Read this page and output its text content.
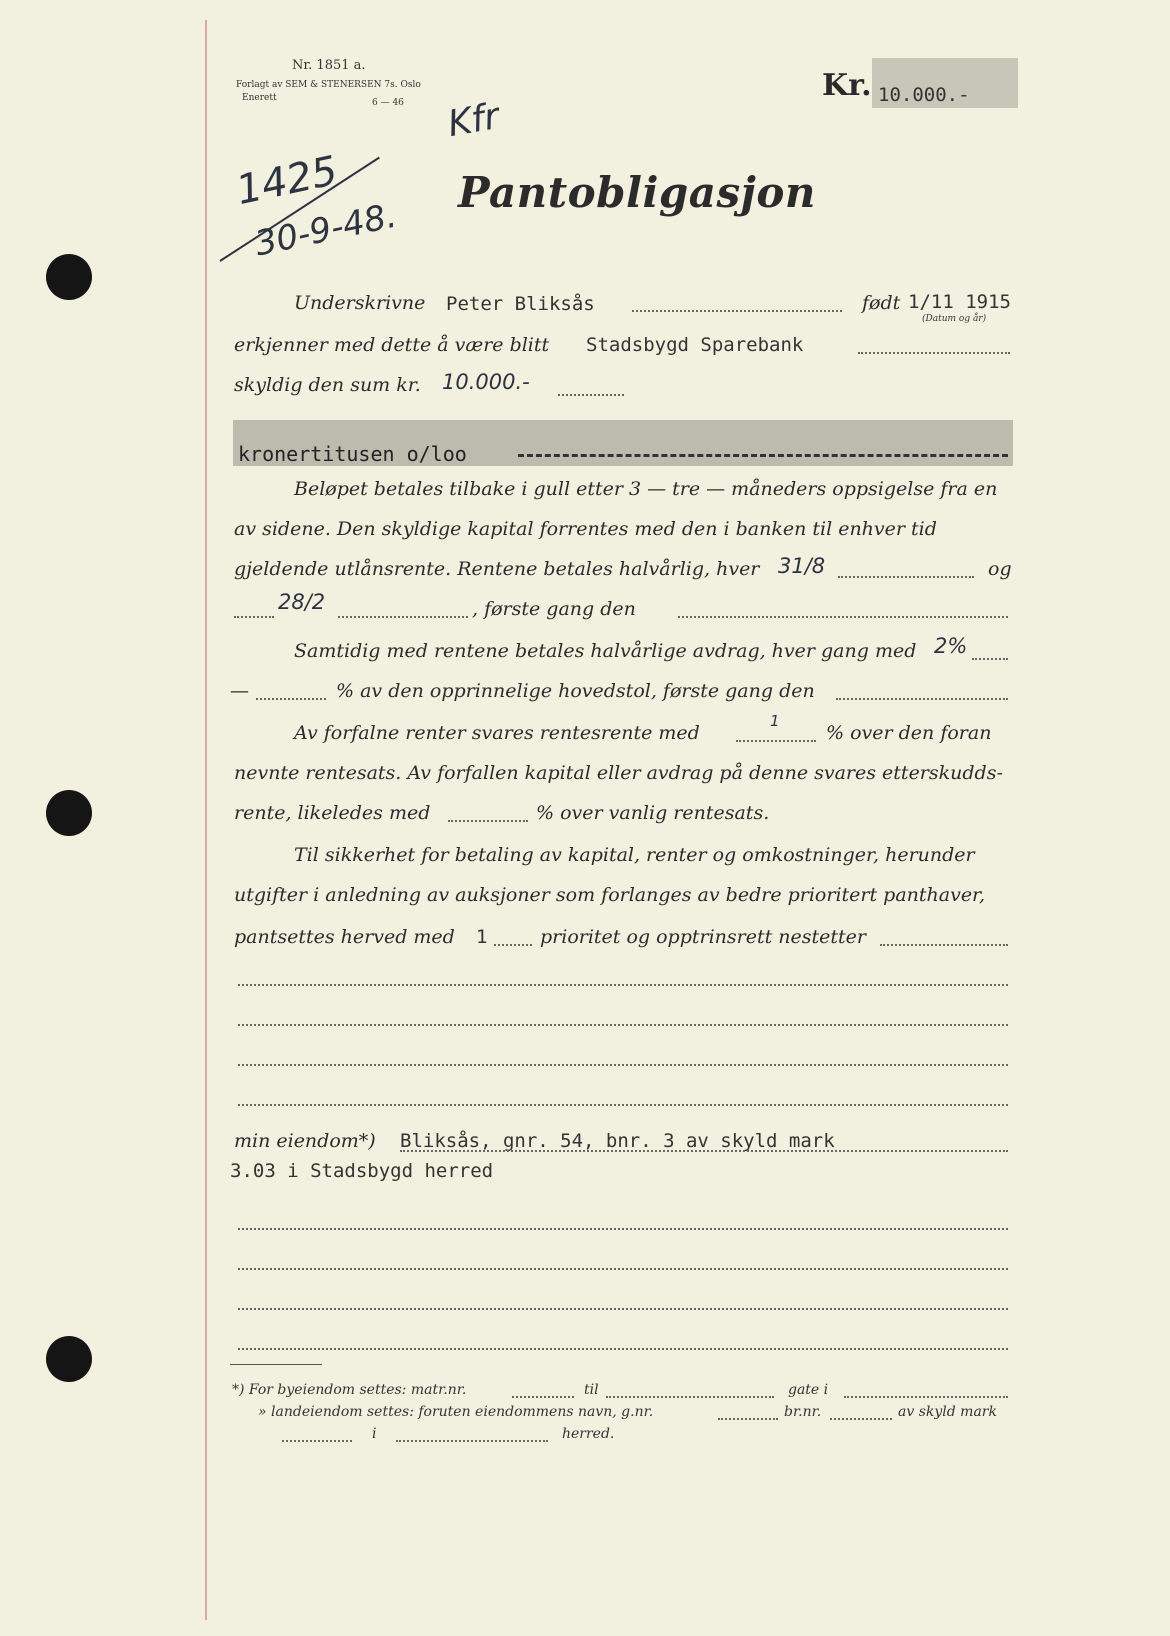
Nr. 1851 a.
Forlagt av SEM & STENERSEN 7s. Oslo
Enerett	6 — 46	Kr. 10.000.-
1425
30-9-48.
Kfr
Pantobligasjon
Underskrivne Peter Bliksås	født 1/11 1915
(Datum og år)
erkjenner med dette å være blitt Stadsbygd Sparebank
skyldig den sum kr. 10.000.-
kronertitusen o/loo
Beløpet betales tilbake i gull etter 3 — tre — måneders oppsigelse fra en
av sidene. Den skyldige kapital forrentes med den i banken til enhver tid
gjeldende utlånsrente. Rentene betales halvårlig, hver 31/8	og
28/2	, første gang den
Samtidig med rentene betales halvårlige avdrag, hver gang med 2%
—	% av den opprinnelige hovedstol, første gang den
Av forfalne renter svares rentesrente med
1
% over den foran
nevnte rentesats. Av forfallen kapital eller avdrag på denne svares etterskudds-
rente, likeledes med	% over vanlig rentesats.
Til sikkerhet for betaling av kapital, renter og omkostninger, herunder
utgifter i anledning av auksjoner som forlanges av bedre prioritert panthaver,
pantsettes herved med 1	prioritet og opptrinsrett nestetter
min eiendom*) Bliksås, gnr. 54, bnr. 3 av skyld mark
3.03 i Stadsbygd herred
*) For byeiendom settes: matr.nr.	til	gate i
» landeiendom settes: foruten eiendommens navn, g.nr.	br.nr.	av skyld mark
i	herred.
